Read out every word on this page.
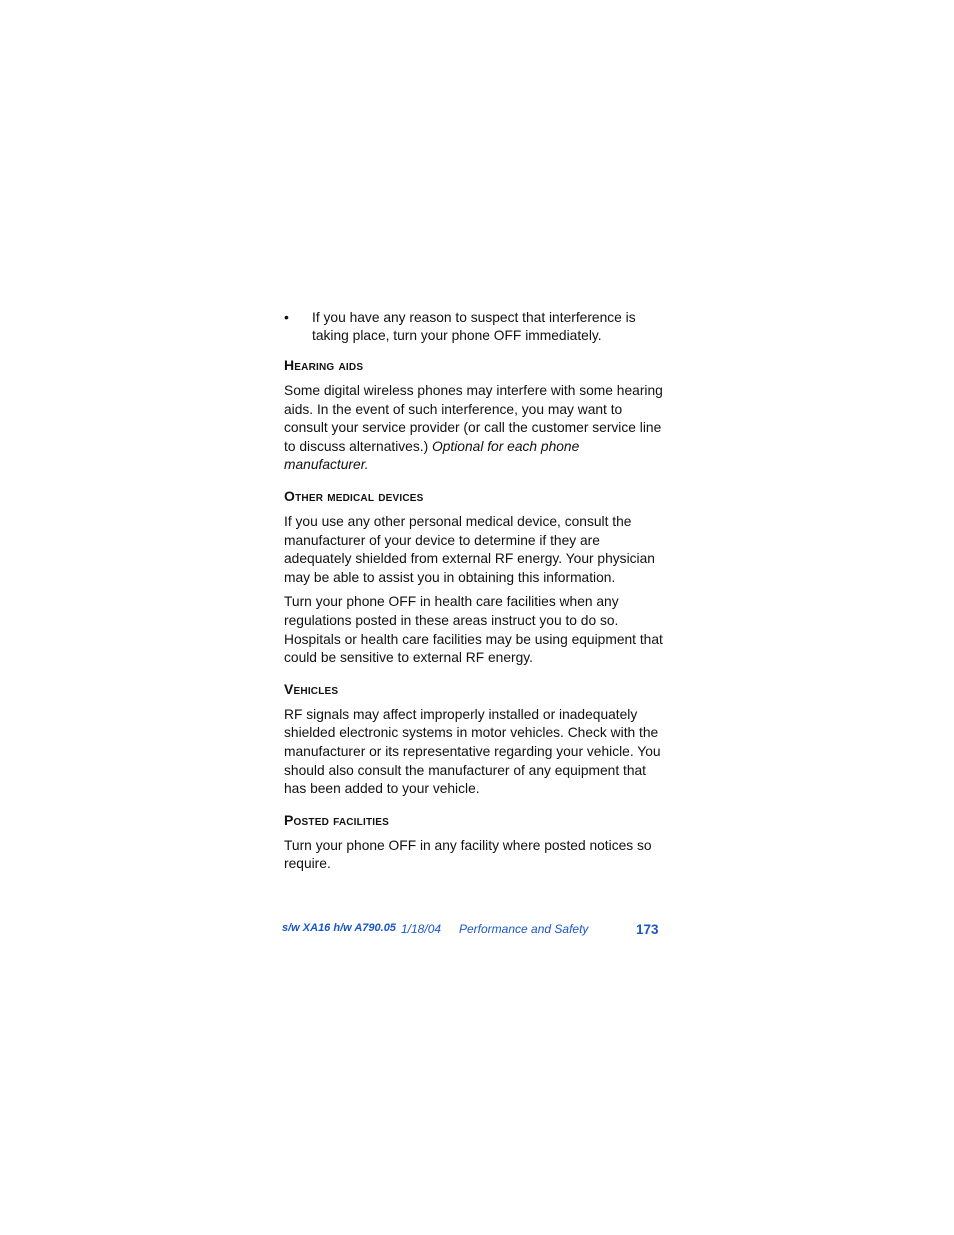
•	If you have any reason to suspect that interference is taking place, turn your phone OFF immediately.
Hearing aids

Some digital wireless phones may interfere with some hearing aids. In the event of such interference, you may want to consult your service provider (or call the customer service line to discuss alternatives.) Optional for each phone manufacturer.

Other medical devices

If you use any other personal medical device, consult the manufacturer of your device to determine if they are adequately shielded from external RF energy. Your physician may be able to assist you in obtaining this information.

Turn your phone OFF in health care facilities when any regulations posted in these areas instruct you to do so. Hospitals or health care facilities may be using equipment that could be sensitive to external RF energy.

Vehicles

RF signals may affect improperly installed or inadequately shielded electronic systems in motor vehicles. Check with the manufacturer or its representative regarding your vehicle. You should also consult the manufacturer of any equipment that has been added to your vehicle.

Posted facilities

Turn your phone OFF in any facility where posted notices so require.

s/w XA16 h/w A790.05 1/18/04 Performance and Safety	173
